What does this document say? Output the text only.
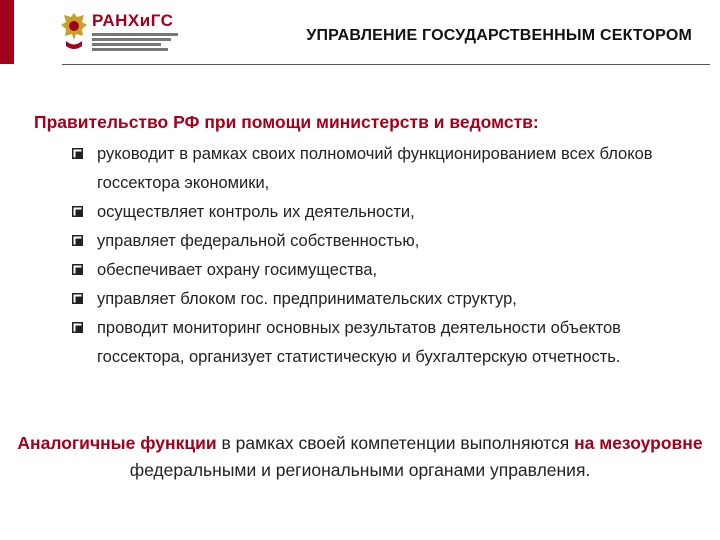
РАНХиГС
УПРАВЛЕНИЕ ГОСУДАРСТВЕННЫМ СЕКТОРОМ
Правительство РФ при помощи министерств и ведомств:
руководит в рамках своих полномочий функционированием всех блоков госсектора экономики,
осуществляет контроль их деятельности,
управляет федеральной собственностью,
обеспечивает охрану госимущества,
управляет блоком гос. предпринимательских структур,
проводит мониторинг основных результатов деятельности объектов госсектора, организует статистическую и бухгалтерскую отчетность.
Аналогичные функции в рамках своей компетенции выполняются на мезоуровне федеральными и региональными органами управления.
